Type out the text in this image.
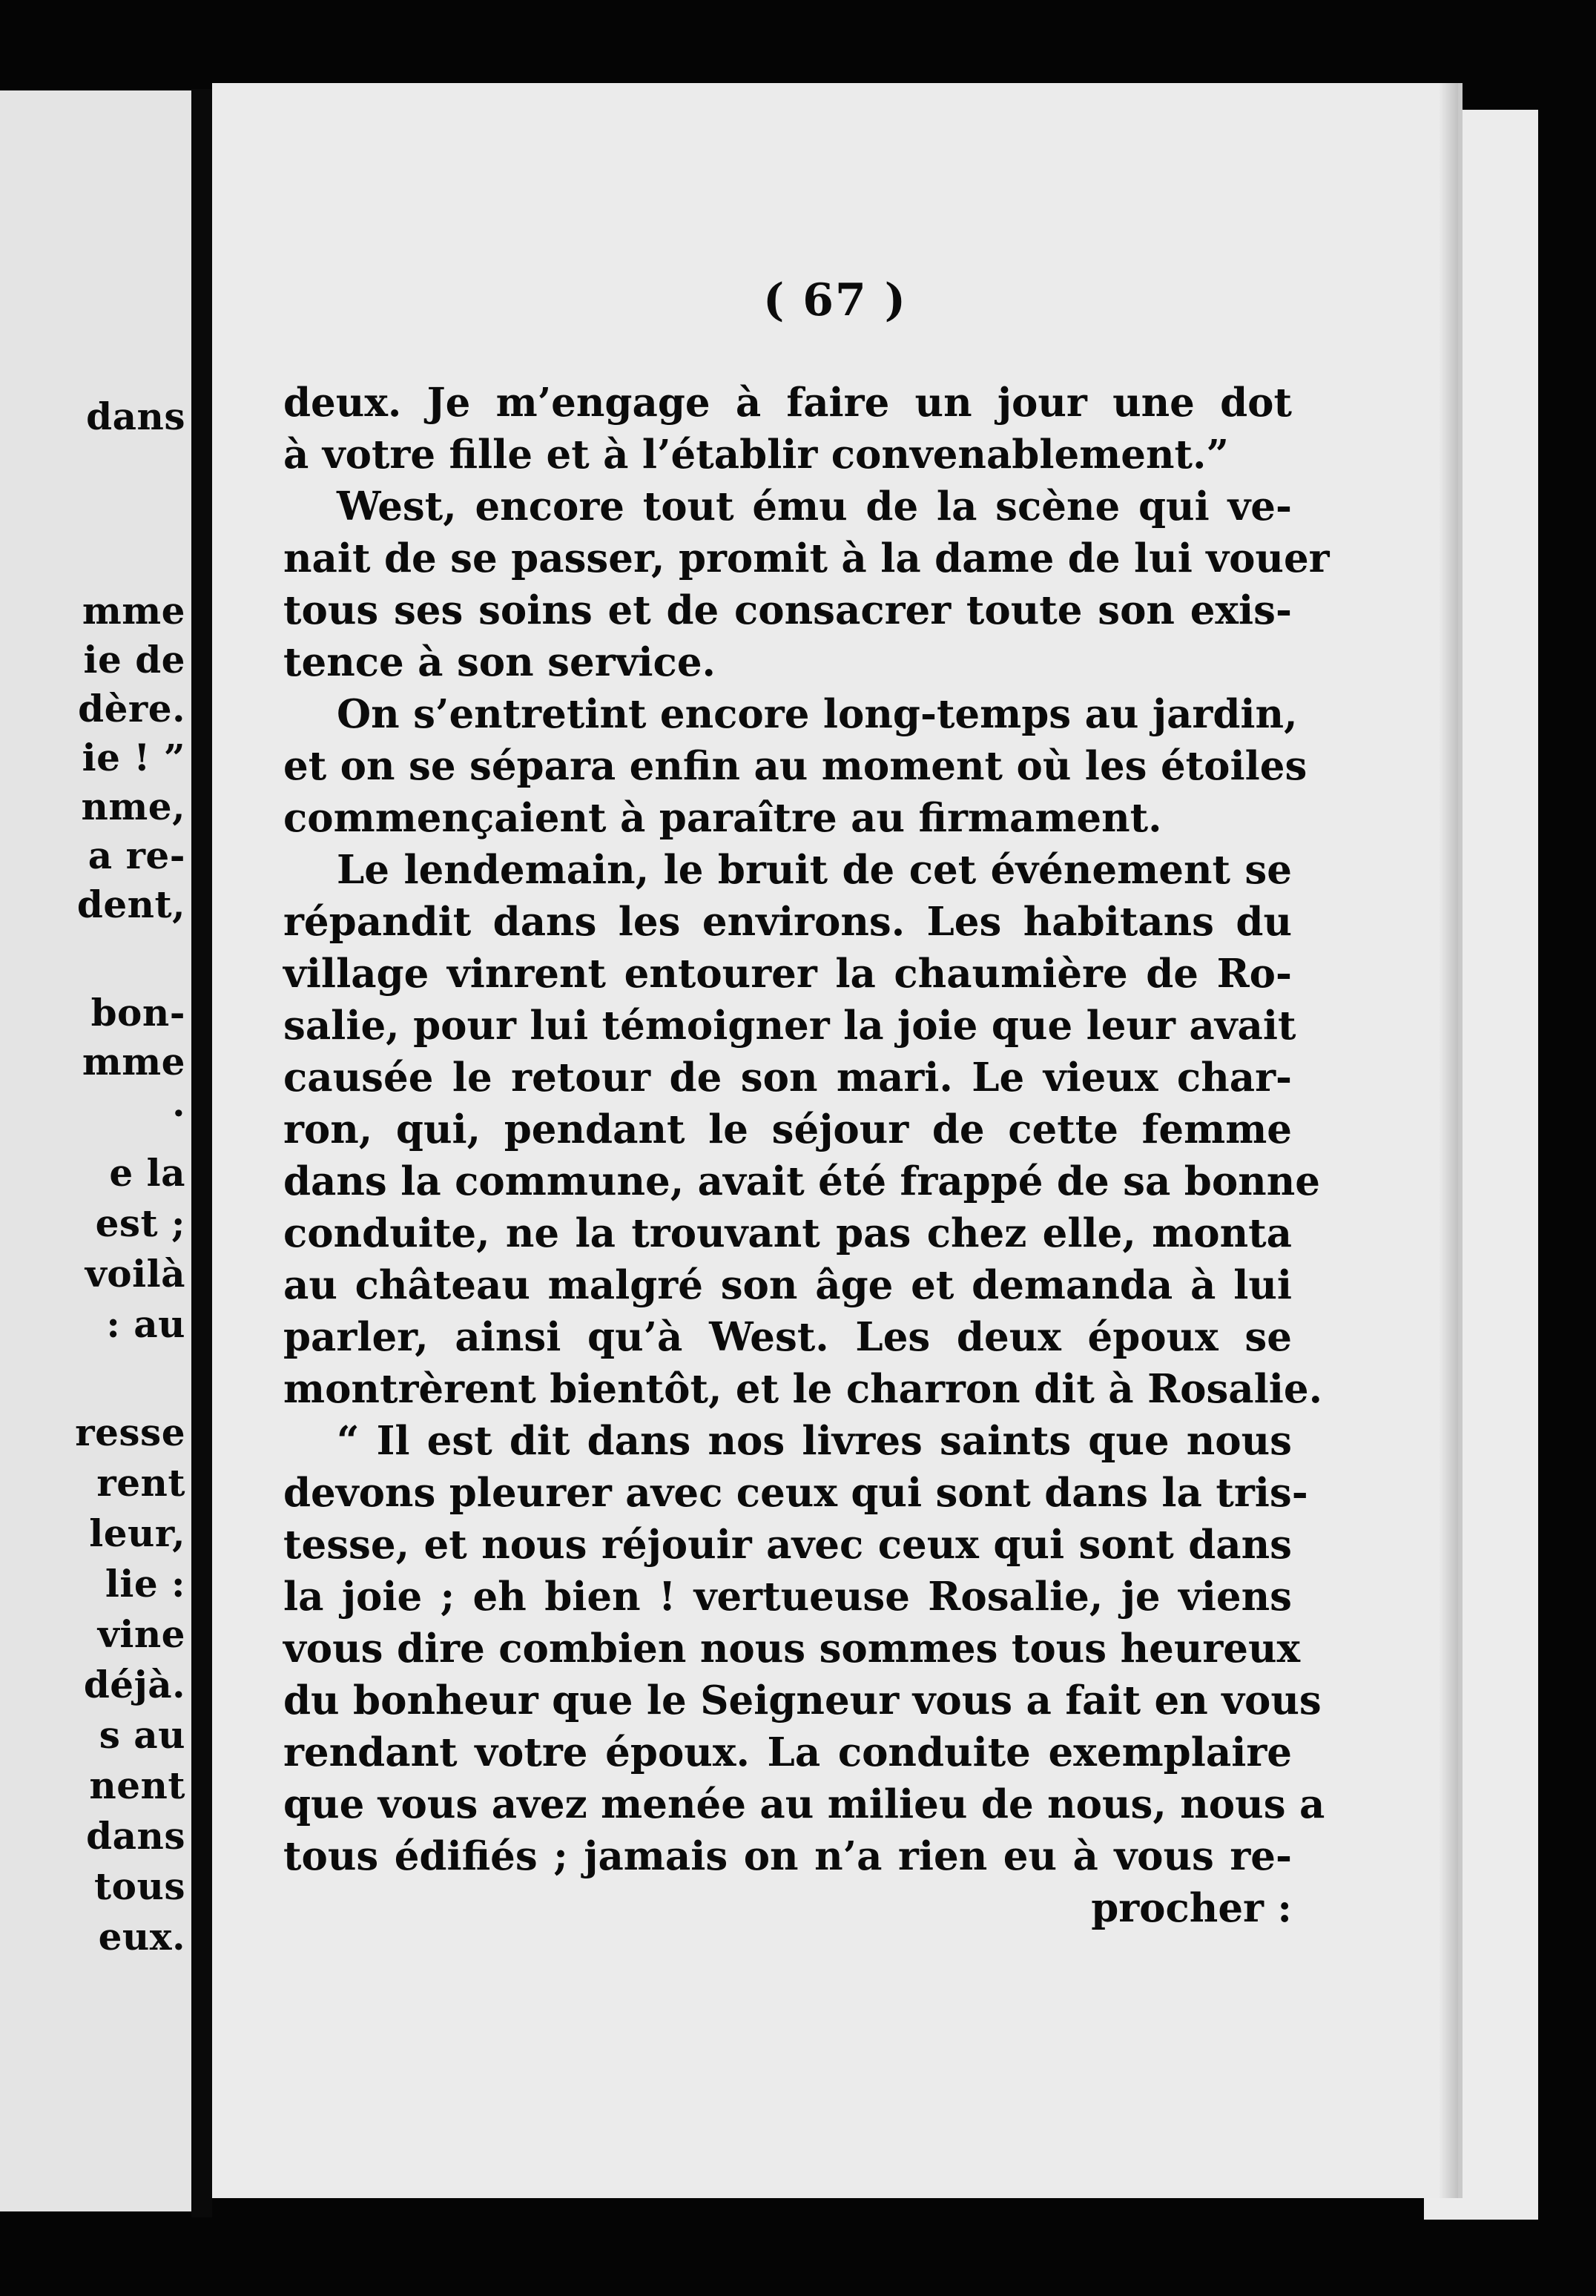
dans
mme
ie de
dère.
ie ! ”
nme,
a re-
dent,
bon-
mme
.
e la
est ;
voilà
: au
resse
rent
leur,
lie :
vine
déjà.
s au
nent
dans
tous
eux.
( 67 )
deux. Je m’engage à faire un jour une dot
à votre fille et à l’établir convenablement.”
West, encore tout ému de la scène qui ve-
nait de se passer, promit à la dame de lui vouer
tous ses soins et de consacrer toute son exis-
tence à son service.
On s’entretint encore long-temps au jardin,
et on se sépara enfin au moment où les étoiles
commençaient à paraître au firmament.
Le lendemain, le bruit de cet événement se
répandit dans les environs. Les habitans du
village vinrent entourer la chaumière de Ro-
salie, pour lui témoigner la joie que leur avait
causée le retour de son mari. Le vieux char-
ron, qui, pendant le séjour de cette femme
dans la commune, avait été frappé de sa bonne
conduite, ne la trouvant pas chez elle, monta
au château malgré son âge et demanda à lui
parler, ainsi qu’à West. Les deux époux se
montrèrent bientôt, et le charron dit à Rosalie.
“ Il est dit dans nos livres saints que nous
devons pleurer avec ceux qui sont dans la tris-
tesse, et nous réjouir avec ceux qui sont dans
la joie ; eh bien ! vertueuse Rosalie, je viens
vous dire combien nous sommes tous heureux
du bonheur que le Seigneur vous a fait en vous
rendant votre époux. La conduite exemplaire
que vous avez menée au milieu de nous, nous a
tous édifiés ; jamais on n’a rien eu à vous re-
procher :
